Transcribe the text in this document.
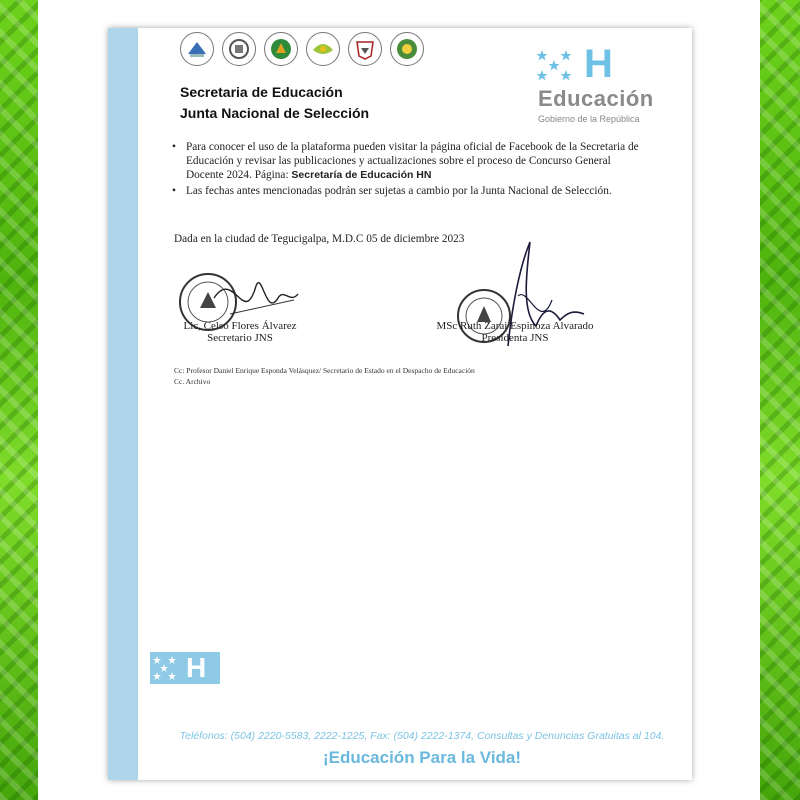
Secretaria de Educación
Junta Nacional de Selección
H
Educación
Gobierno de la República
• Para conocer el uso de la plataforma pueden visitar la página oficial de Facebook de la Secretaria de Educación y revisar las publicaciones y actualizaciones sobre el proceso de Concurso General Docente 2024. Página: Secretaría de Educación HN
• Las fechas antes mencionadas podrán ser sujetas a cambio por la Junta Nacional de Selección.
Dada en la ciudad de Tegucigalpa, M.D.C 05 de diciembre 2023
Lic, Celso Flores Álvarez
Secretario JNS
MSc Ruth Zarai Espinoza Alvarado
Presidenta JNS
Cc: Profesor Daniel Enrique Esponda Velásquez/ Secretario de Estado en el Despacho de Educación
Cc. Archivo
H
Teléfonos: (504) 2220-5583, 2222-1225, Fax: (504) 2222-1374, Consultas y Denuncias Gratuitas al 104.
¡Educación Para la Vida!
